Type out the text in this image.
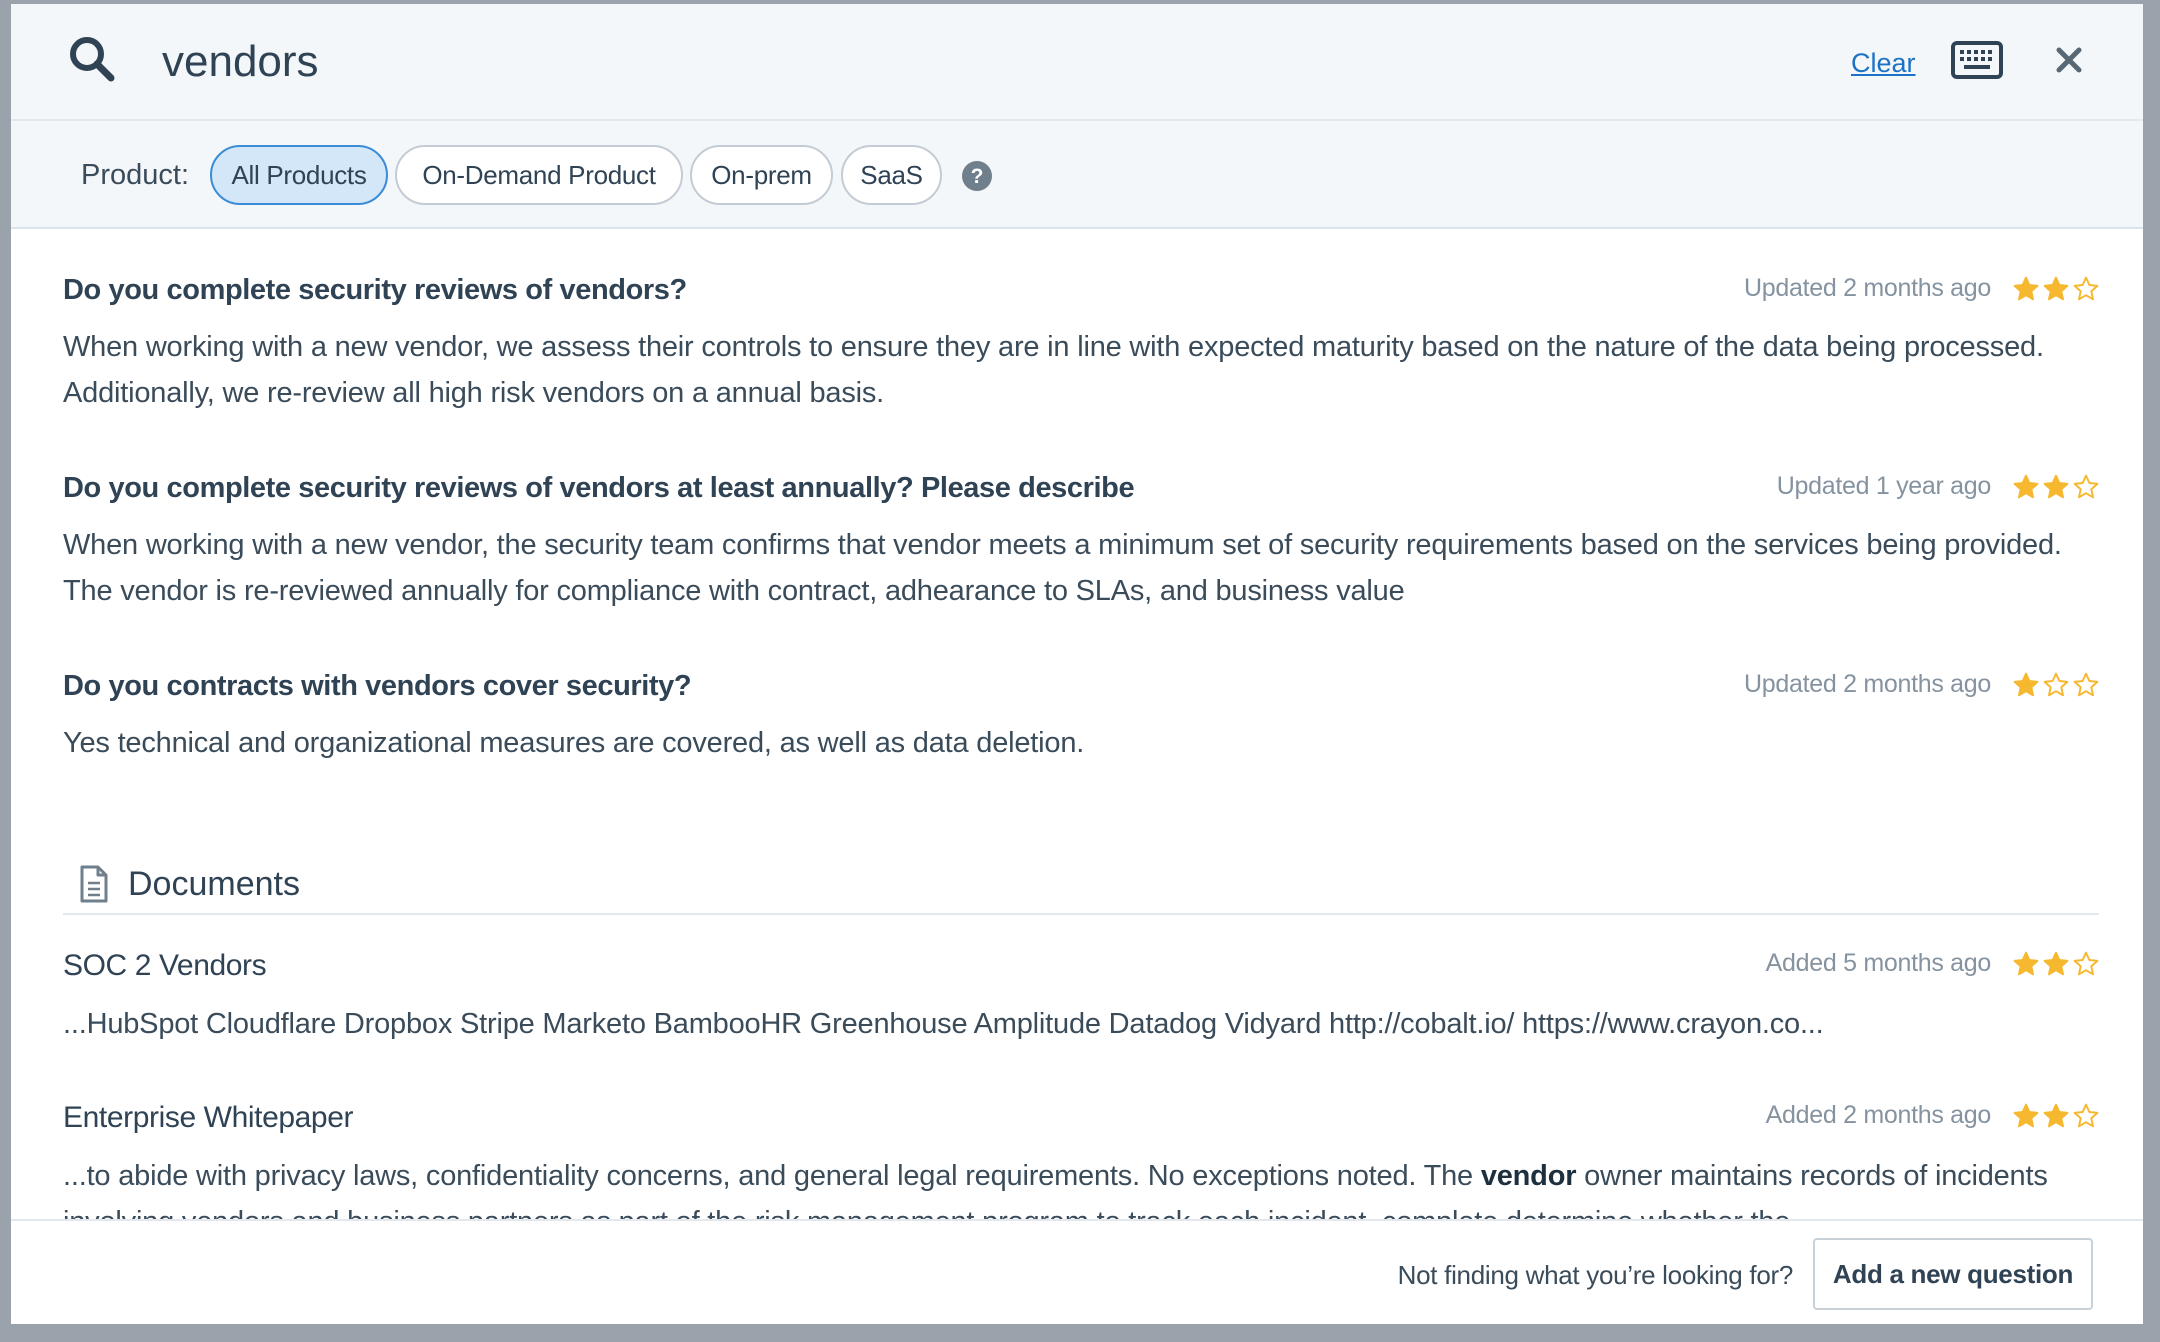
vendors
Clear
Product:	All Products	On-Demand Product	On-prem	SaaS	?
Do you complete security reviews of vendors?	Updated 2 months ago
When working with a new vendor, we assess their controls to ensure they are in line with expected maturity based on the nature of the data being processed. Additionally, we re-review all high risk vendors on a annual basis.
Do you complete security reviews of vendors at least annually? Please describe	Updated 1 year ago
When working with a new vendor, the security team confirms that vendor meets a minimum set of security requirements based on the services being provided. The vendor is re-reviewed annually for compliance with contract, adhearance to SLAs, and business value
Do you contracts with vendors cover security?	Updated 2 months ago
Yes technical and organizational measures are covered, as well as data deletion.
Documents
SOC 2 Vendors	Added 5 months ago
...HubSpot Cloudflare Dropbox Stripe Marketo BambooHR Greenhouse Amplitude Datadog Vidyard http://cobalt.io/ https://www.crayon.co...
Enterprise Whitepaper	Added 2 months ago
...to abide with privacy laws, confidentiality concerns, and general legal requirements. No exceptions noted. The vendor owner maintains records of incidents
Not finding what you’re looking for?	Add a new question
